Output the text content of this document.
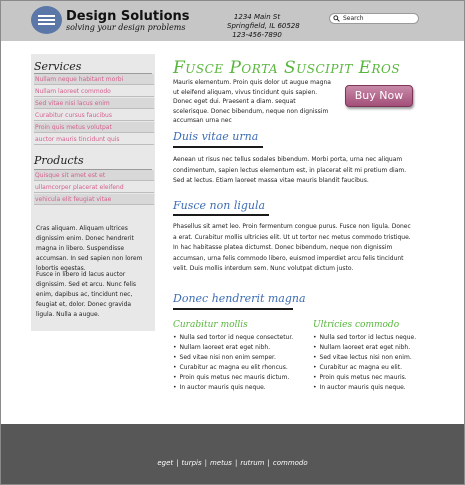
Design Solutions
solving your design problems
1234 Main St
Springfield, IL 60528
123-456-7890
Search
Services
Nullam neque habitant morbi
Nullam laoreet commodo
Sed vitae nisi lacus enim
Curabitur cursus faucibus
Proin quis metus volutpat
auctor mauris tincidunt quis
Products
Quisque sit amet est et
ullamcorper placerat eleifend
vehicula elit feugiat vitae
Cras aliquam. Aliquam ultrices dignissim enim. Donec hendrerit magna in libero. Suspendisse accumsan. In sed sapien non lorem lobortis egestas.
Fusce in libero id lacus auctor dignissim. Sed et arcu. Nunc felis enim, dapibus ac, tincidunt nec, feugiat et, dolor. Donec gravida ligula. Nulla a augue.
Fusce Porta Suscipit Eros
Mauris elementum. Proin quis dolor ut augue magna ut eleifend aliquam, vivus tincidunt quis sapien. Donec eget dui. Praesent a diam. sequat scelerisque. Donec bibendum, neque non dignissim accumsan urna nec
Buy Now
Duis vitae urna
Aenean ut risus nec tellus sodales bibendum. Morbi porta, urna nec aliquam condimentum, sapien lectus elementum est, in placerat elit mi pretium diam. Sed at lectus. Etiam laoreet massa vitae mauris blandit faucibus.
Fusce non ligula
Phasellus sit amet leo. Proin fermentum congue purus. Fusce non ligula. Donec a erat. Curabitur mollis ultricies elit. Ut ut tortor nec metus commodo tristique. In hac habitasse platea dictumst. Donec bibendum, neque non dignissim accumsan, urna felis commodo libero, euismod imperdiet arcu felis tincidunt velit. Duis mollis interdum sem. Nunc volutpat dictum justo.
Donec hendrerit magna
Curabitur mollis
• Nulla sed tortor id neque consectetur.
• Nullam laoreet erat eget nibh.
• Sed vitae nisi non enim semper.
• Curabitur ac magna eu elit rhoncus.
• Proin quis metus nec mauris dictum.
• In auctor mauris quis neque.
Ultricies commodo
• Nulla sed tortor id lectus neque.
• Nullam laoreet erat eget nibh.
• Sed vitae lectus nisi non enim.
• Curabitur ac magna eu elit.
• Proin quis metus nec mauris.
• In auctor mauris quis neque.
eget | turpis | metus | rutrum | commodo
